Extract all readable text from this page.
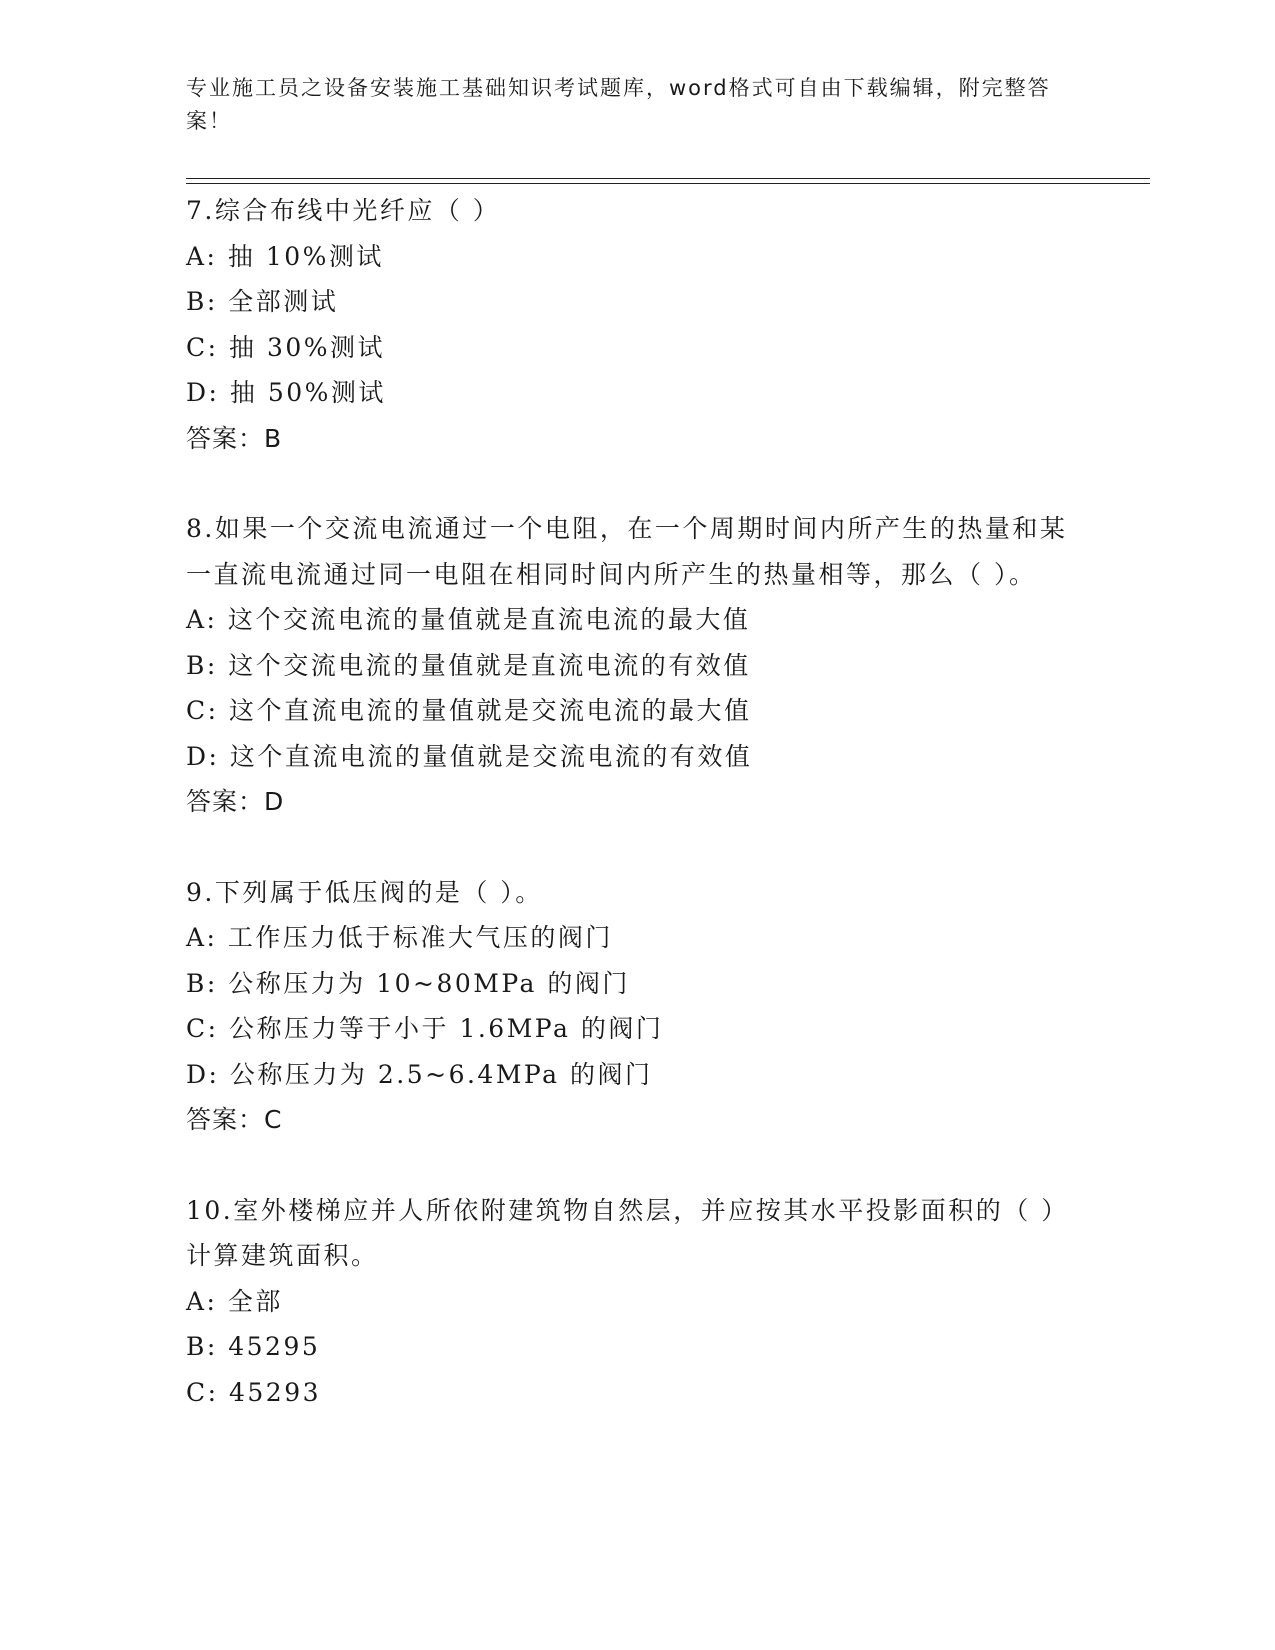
专业施工员之设备安装施工基础知识考试题库，word格式可自由下载编辑，附完整答案！
7.综合布线中光纤应（ ）
A: 抽 10%测试
B: 全部测试
C: 抽 30%测试
D: 抽 50%测试
答案：B
8.如果一个交流电流通过一个电阻，在一个周期时间内所产生的热量和某一直流电流通过同一电阻在相同时间内所产生的热量相等，那么（ ）。
A: 这个交流电流的量值就是直流电流的最大值
B: 这个交流电流的量值就是直流电流的有效值
C: 这个直流电流的量值就是交流电流的最大值
D: 这个直流电流的量值就是交流电流的有效值
答案：D
9.下列属于低压阀的是（ ）。
A: 工作压力低于标准大气压的阀门
B: 公称压力为 10~80MPa 的阀门
C: 公称压力等于小于 1.6MPa 的阀门
D: 公称压力为 2.5~6.4MPa 的阀门
答案：C
10.室外楼梯应并人所依附建筑物自然层，并应按其水平投影面积的（ ）计算建筑面积。
A: 全部
B: 45295
C: 45293
